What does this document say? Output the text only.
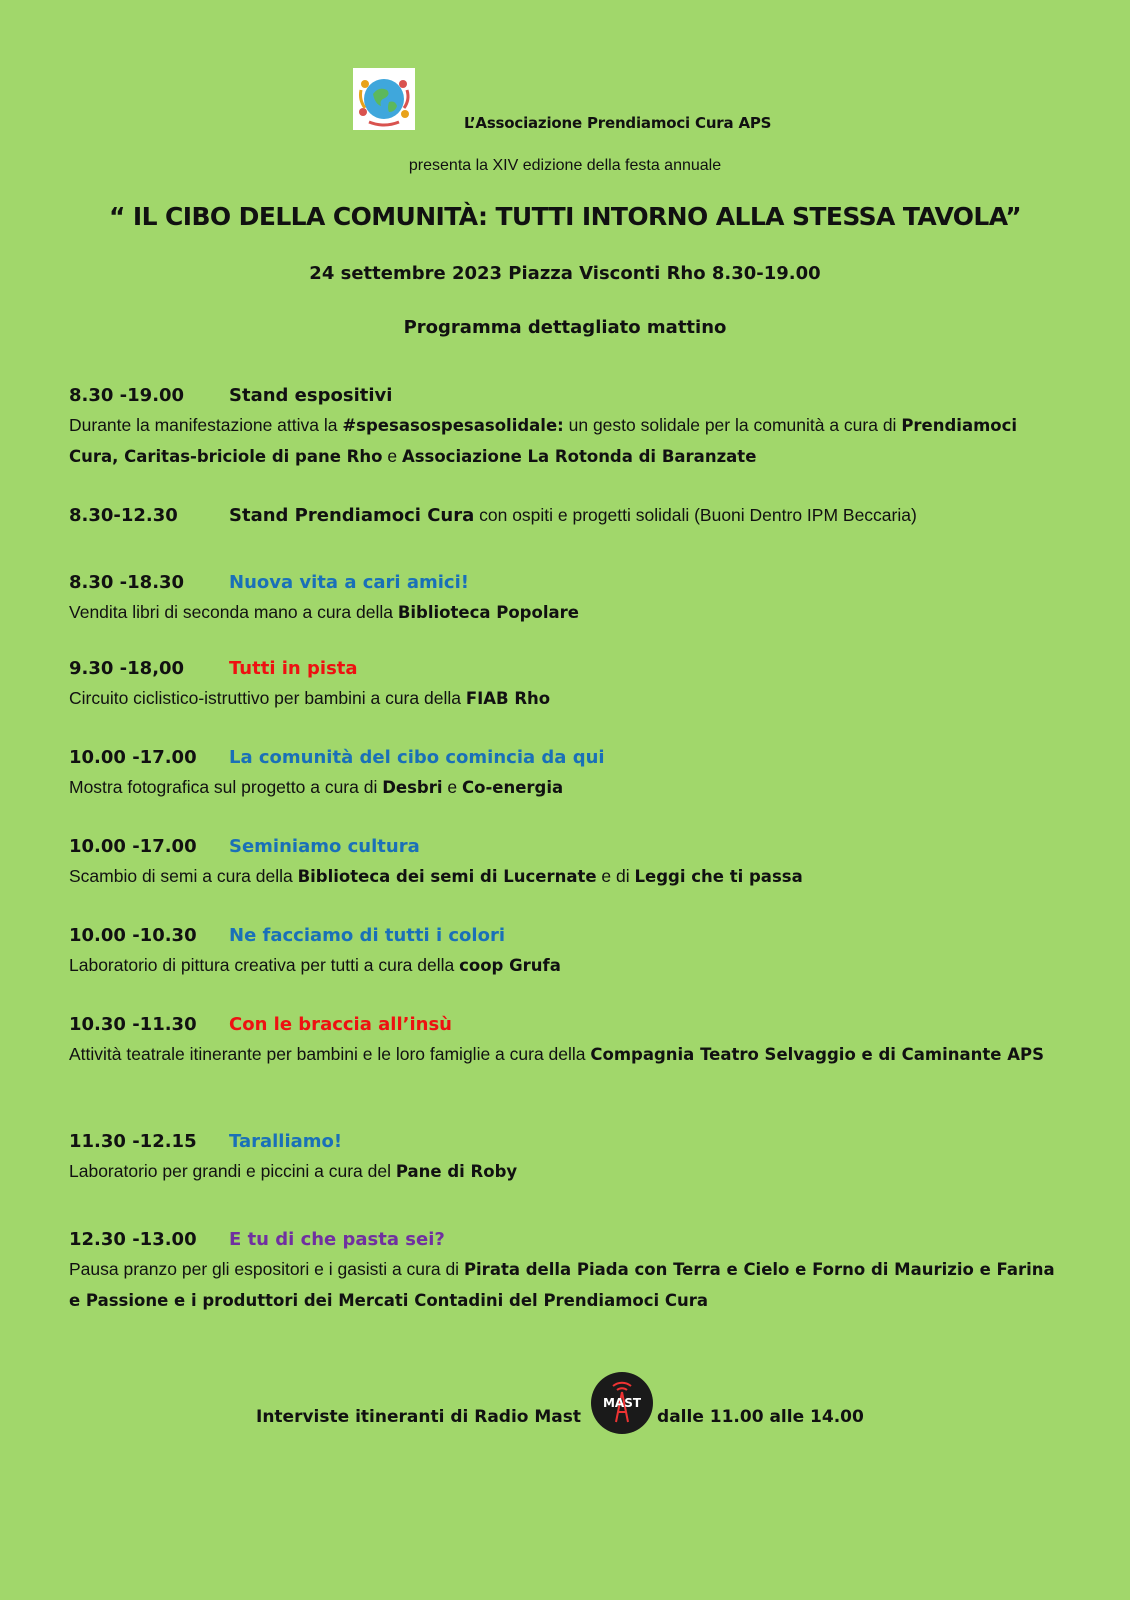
L’Associazione Prendiamoci Cura APS
presenta la XIV edizione della festa annuale
“ IL CIBO DELLA COMUNITÀ: TUTTI INTORNO ALLA STESSA TAVOLA”
24 settembre 2023 Piazza Visconti Rho 8.30-19.00
Programma dettagliato mattino
8.30 -19.00 Stand espositivi
Durante la manifestazione attiva la #spesasospesasolidale: un gesto solidale per la comunità a cura di Prendiamoci Cura, Caritas-briciole di pane Rho e Associazione La Rotonda di Baranzate
8.30-12.30	Stand Prendiamoci Cura con ospiti e progetti solidali (Buoni Dentro IPM Beccaria)
8.30 -18.30 Nuova vita a cari amici!
Vendita libri di seconda mano a cura della Biblioteca Popolare
9.30 -18,00 Tutti in pista
Circuito ciclistico-istruttivo per bambini a cura della FIAB Rho
10.00 -17.00 La comunità del cibo comincia da qui
Mostra fotografica sul progetto a cura di Desbri e Co-energia
10.00 -17.00 Seminiamo cultura
Scambio di semi a cura della Biblioteca dei semi di Lucernate e di Leggi che ti passa
10.00 -10.30 Ne facciamo di tutti i colori
Laboratorio di pittura creativa per tutti a cura della coop Grufa
10.30 -11.30 Con le braccia all’insù
Attività teatrale itinerante per bambini e le loro famiglie a cura della Compagnia Teatro Selvaggio e di Caminante APS
11.30 -12.15 Taralliamo!
Laboratorio per grandi e piccini a cura del Pane di Roby
12.30 -13.00 E tu di che pasta sei?
Pausa pranzo per gli espositori e i gasisti a cura di Pirata della Piada con Terra e Cielo e Forno di Maurizio e Farina e Passione e i produttori dei Mercati Contadini del Prendiamoci Cura
Interviste itineranti di Radio Mast
MAST
dalle 11.00 alle 14.00
